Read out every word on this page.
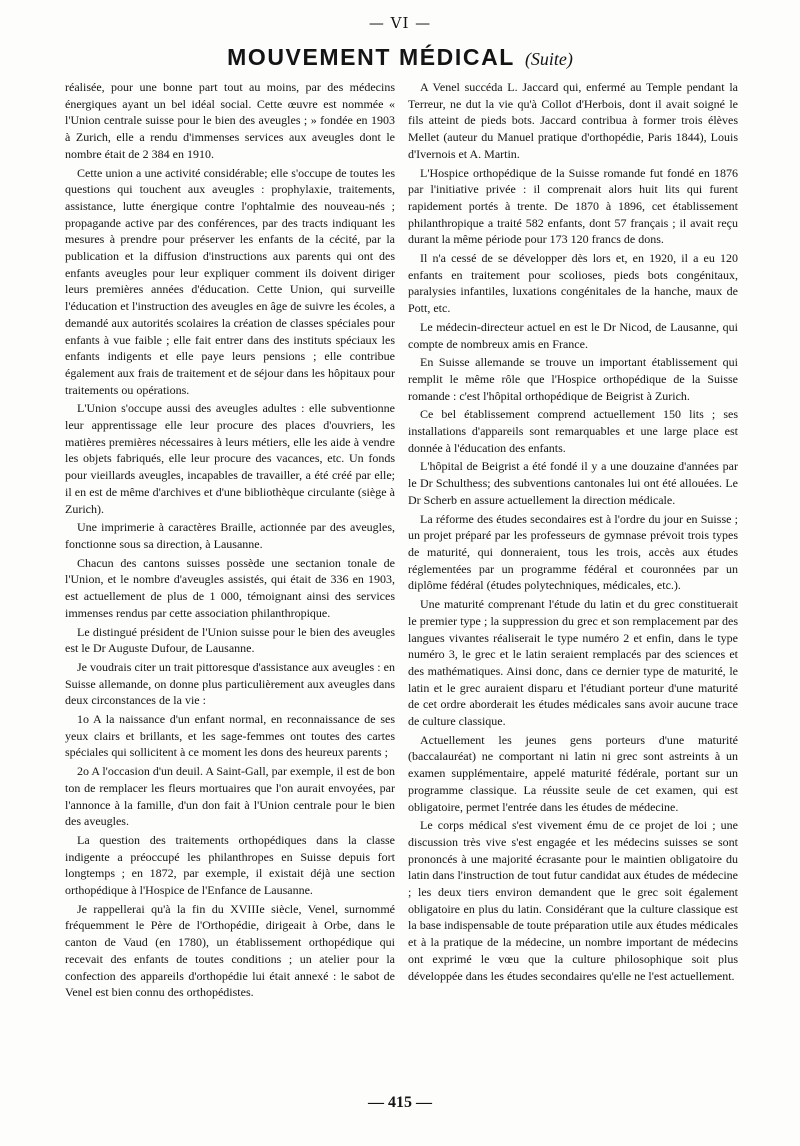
— VI —
MOUVEMENT MÉDICAL (Suite)

réalisée, pour une bonne part tout au moins, par des médecins énergiques ayant un bel idéal social. Cette œuvre est nommée « l'Union centrale suisse pour le bien des aveugles ; » fondée en 1903 à Zurich, elle a rendu d'immenses services aux aveugles dont le nombre était de 2 384 en 1910.

Cette union a une activité considérable; elle s'occupe de toutes les questions qui touchent aux aveugles : prophylaxie, traitements, assistance, lutte énergique contre l'ophtalmie des nouveau-nés ; propagande active par des conférences, par des tracts indiquant les mesures à prendre pour préserver les enfants de la cécité, par la publication et la diffusion d'instructions aux parents qui ont des enfants aveugles pour leur expliquer comment ils doivent diriger leurs premières années d'éducation. Cette Union, qui surveille l'éducation et l'instruction des aveugles en âge de suivre les écoles, a demandé aux autorités scolaires la création de classes spéciales pour enfants à vue faible ; elle fait entrer dans des instituts spéciaux les enfants indigents et elle paye leurs pensions ; elle contribue également aux frais de traitement et de séjour dans les hôpitaux pour traitements ou opérations.

L'Union s'occupe aussi des aveugles adultes : elle subventionne leur apprentissage elle leur procure des places d'ouvriers, les matières premières nécessaires à leurs métiers, elle les aide à vendre les objets fabriqués, elle leur procure des vacances, etc. Un fonds pour vieillards aveugles, incapables de travailler, a été créé par elle; il en est de même d'archives et d'une bibliothèque circulante (siège à Zurich).

Une imprimerie à caractères Braille, actionnée par des aveugles, fonctionne sous sa direction, à Lausanne.

Chacun des cantons suisses possède une sectanion tonale de l'Union, et le nombre d'aveugles assistés, qui était de 336 en 1903, est actuellement de plus de 1 000, témoignant ainsi des services immenses rendus par cette association philanthropique.

Le distingué président de l'Union suisse pour le bien des aveugles est le Dr Auguste Dufour, de Lausanne.

Je voudrais citer un trait pittoresque d'assistance aux aveugles : en Suisse allemande, on donne plus particulièrement aux aveugles dans deux circonstances de la vie :

1o A la naissance d'un enfant normal, en reconnaissance de ses yeux clairs et brillants, et les sage-femmes ont toutes des cartes spéciales qui sollicitent à ce moment les dons des heureux parents ;

2o A l'occasion d'un deuil. A Saint-Gall, par exemple, il est de bon ton de remplacer les fleurs mortuaires que l'on aurait envoyées, par l'annonce à la famille, d'un don fait à l'Union centrale pour le bien des aveugles.

La question des traitements orthopédiques dans la classe indigente a préoccupé les philanthropes en Suisse depuis fort longtemps ; en 1872, par exemple, il existait déjà une section orthopédique à l'Hospice de l'Enfance de Lausanne.

Je rappellerai qu'à la fin du XVIIIe siècle, Venel, surnommé fréquemment le Père de l'Orthopédie, dirigeait à Orbe, dans le canton de Vaud (en 1780), un établissement orthopédique qui recevait des enfants de toutes conditions ; un atelier pour la confection des appareils d'orthopédie lui était annexé : le sabot de Venel est bien connu des orthopédistes.

A Venel succéda L. Jaccard qui, enfermé au Temple pendant la Terreur, ne dut la vie qu'à Collot d'Herbois, dont il avait soigné le fils atteint de pieds bots. Jaccard contribua à former trois élèves Mellet (auteur du Manuel pratique d'orthopédie, Paris 1844), Louis d'Ivernois et A. Martin.

L'Hospice orthopédique de la Suisse romande fut fondé en 1876 par l'initiative privée : il comprenait alors huit lits qui furent rapidement portés à trente. De 1870 à 1896, cet établissement philanthropique a traité 582 enfants, dont 57 français ; il avait reçu durant la même période pour 173 120 francs de dons.

Il n'a cessé de se développer dès lors et, en 1920, il a eu 120 enfants en traitement pour scolioses, pieds bots congénitaux, paralysies infantiles, luxations congénitales de la hanche, maux de Pott, etc.

Le médecin-directeur actuel en est le Dr Nicod, de Lausanne, qui compte de nombreux amis en France.

En Suisse allemande se trouve un important établissement qui remplit le même rôle que l'Hospice orthopédique de la Suisse romande : c'est l'hôpital orthopédique de Beigrist à Zurich.

Ce bel établissement comprend actuellement 150 lits ; ses installations d'appareils sont remarquables et une large place est donnée à l'éducation des enfants.

L'hôpital de Beigrist a été fondé il y a une douzaine d'années par le Dr Schulthess; des subventions cantonales lui ont été allouées. Le Dr Scherb en assure actuellement la direction médicale.

La réforme des études secondaires est à l'ordre du jour en Suisse ; un projet préparé par les professeurs de gymnase prévoit trois types de maturité, qui donneraient, tous les trois, accès aux études réglementées par un programme fédéral et couronnées par un diplôme fédéral (études polytechniques, médicales, etc.).

Une maturité comprenant l'étude du latin et du grec constituerait le premier type ; la suppression du grec et son remplacement par des langues vivantes réaliserait le type numéro 2 et enfin, dans le type numéro 3, le grec et le latin seraient remplacés par des sciences et des mathématiques. Ainsi donc, dans ce dernier type de maturité, le latin et le grec auraient disparu et l'étudiant porteur d'une maturité de cet ordre aborderait les études médicales sans avoir aucune trace de culture classique.

Actuellement les jeunes gens porteurs d'une maturité (baccalauréat) ne comportant ni latin ni grec sont astreints à un examen supplémentaire, appelé maturité fédérale, portant sur un programme classique. La réussite seule de cet examen, qui est obligatoire, permet l'entrée dans les études de médecine.

Le corps médical s'est vivement ému de ce projet de loi ; une discussion très vive s'est engagée et les médecins suisses se sont prononcés à une majorité écrasante pour le maintien obligatoire du latin dans l'instruction de tout futur candidat aux études de médecine ; les deux tiers environ demandent que le grec soit également obligatoire en plus du latin. Considérant que la culture classique est la base indispensable de toute préparation utile aux études médicales et à la pratique de la médecine, un nombre important de médecins ont exprimé le vœu que la culture philosophique soit plus développée dans les études secondaires qu'elle ne l'est actuellement.

— 415 —
